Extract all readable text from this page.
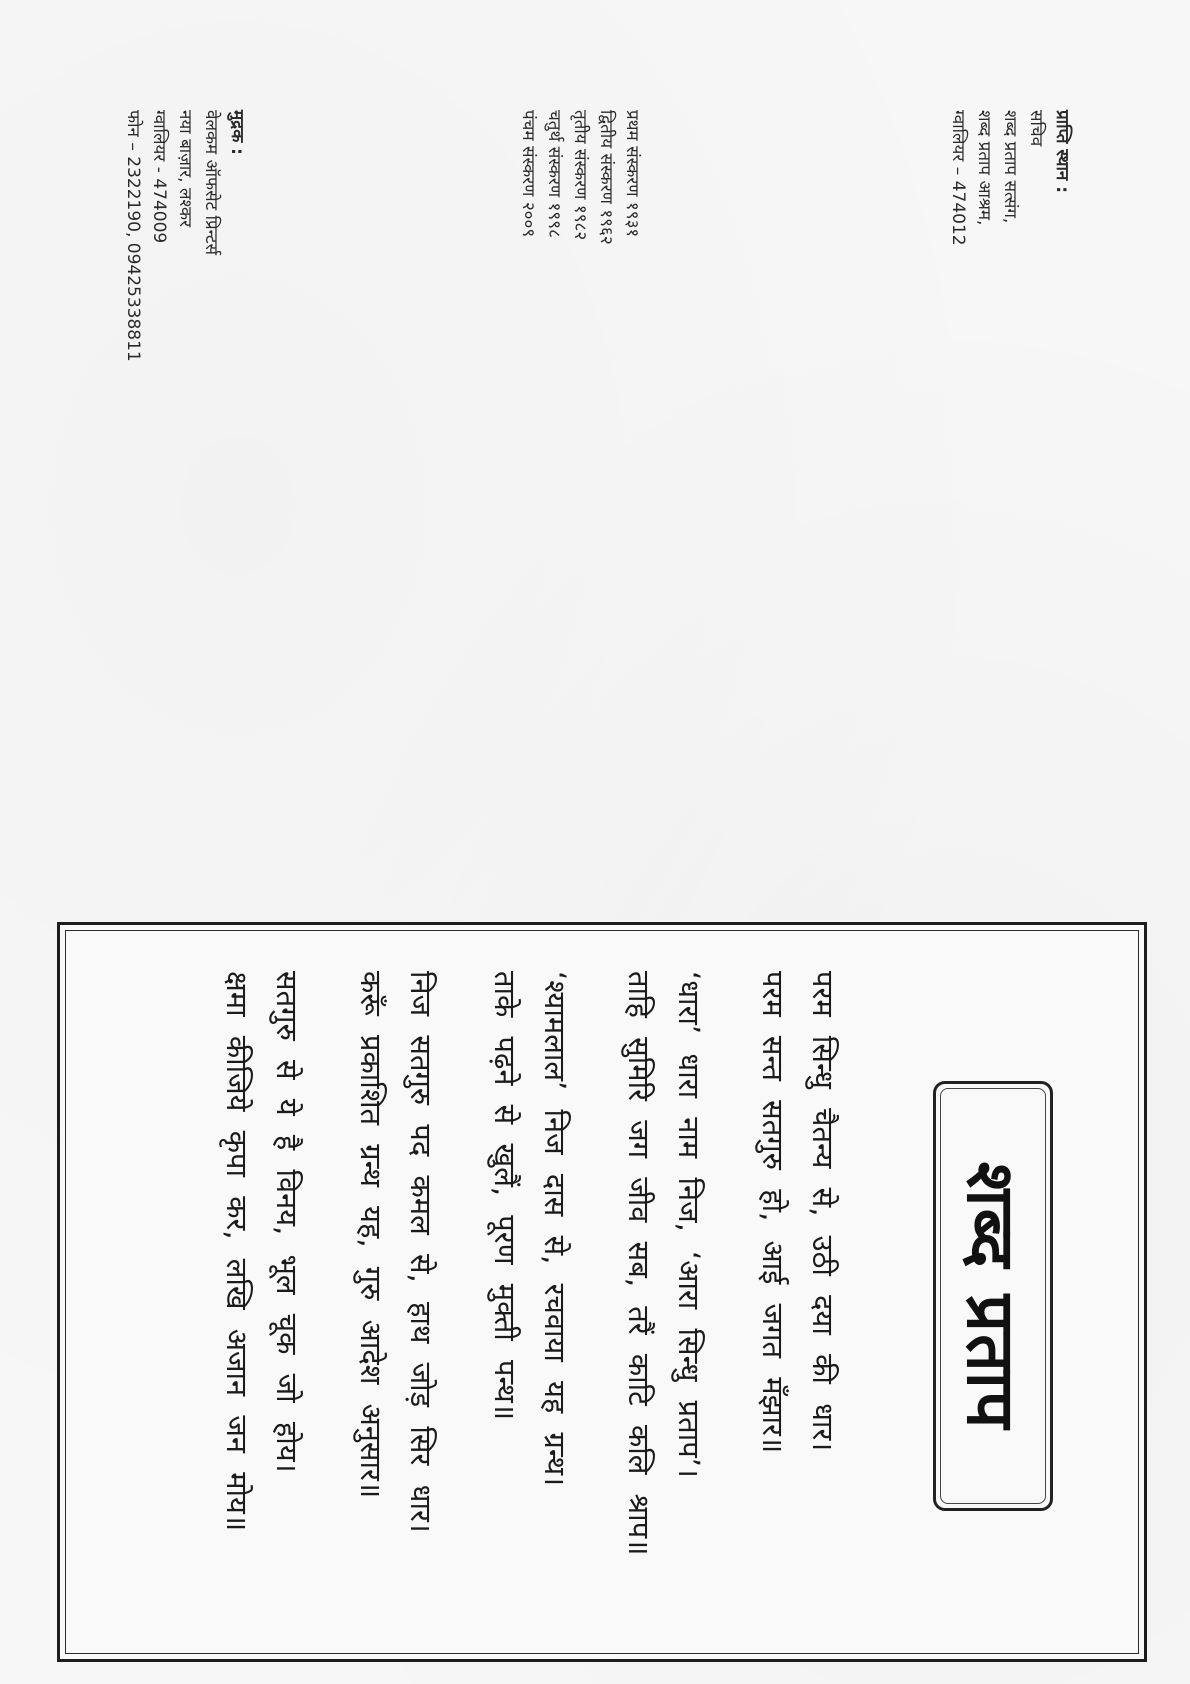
प्राप्ति स्थान :
सचिव
शब्द प्रताप सत्संग,
शब्द प्रताप आश्रम,
ग्वालियर – 474012
प्रथम संस्करण १९३१
द्वितीय संस्करण १९६२
तृतीय संस्करण १९८२
चतुर्थ संस्करण १९९८
पंचम संस्करण २००९
मुद्रक :
वेलकम ऑफसेट प्रिन्टर्स
नया बाज़ार, लश्कर
ग्वालियर - 474009
फोन – 2322190, 09425338811
शब्द प्रताप
परम सिन्धु चैतन्य से, उठी दया की धार।
परम सन्त सतगुरु हो, आई जगत मँझार॥
‘धारा’ धारा नाम निज, ‘आरा सिन्धु प्रताप’।
ताहि सुमिरि जग जीव सब, तरैं काटि कलि श्राप॥
‘श्यामलाल’ निज दास से, रचवाया यह ग्रन्थ।
ताके पढ़ने से खुलैं, पूरण मुक्ती पन्थ॥
निज सतगुरु पद कमल से, हाथ जोड़ सिर धार।
करूँ प्रकाशित ग्रन्थ यह, गुरु आदेश अनुसार॥
सतगुरु से ये है विनय, भूल चूक जो होय।
क्षमा कीजिये कृपा कर, लखि अजान जन मोय॥
